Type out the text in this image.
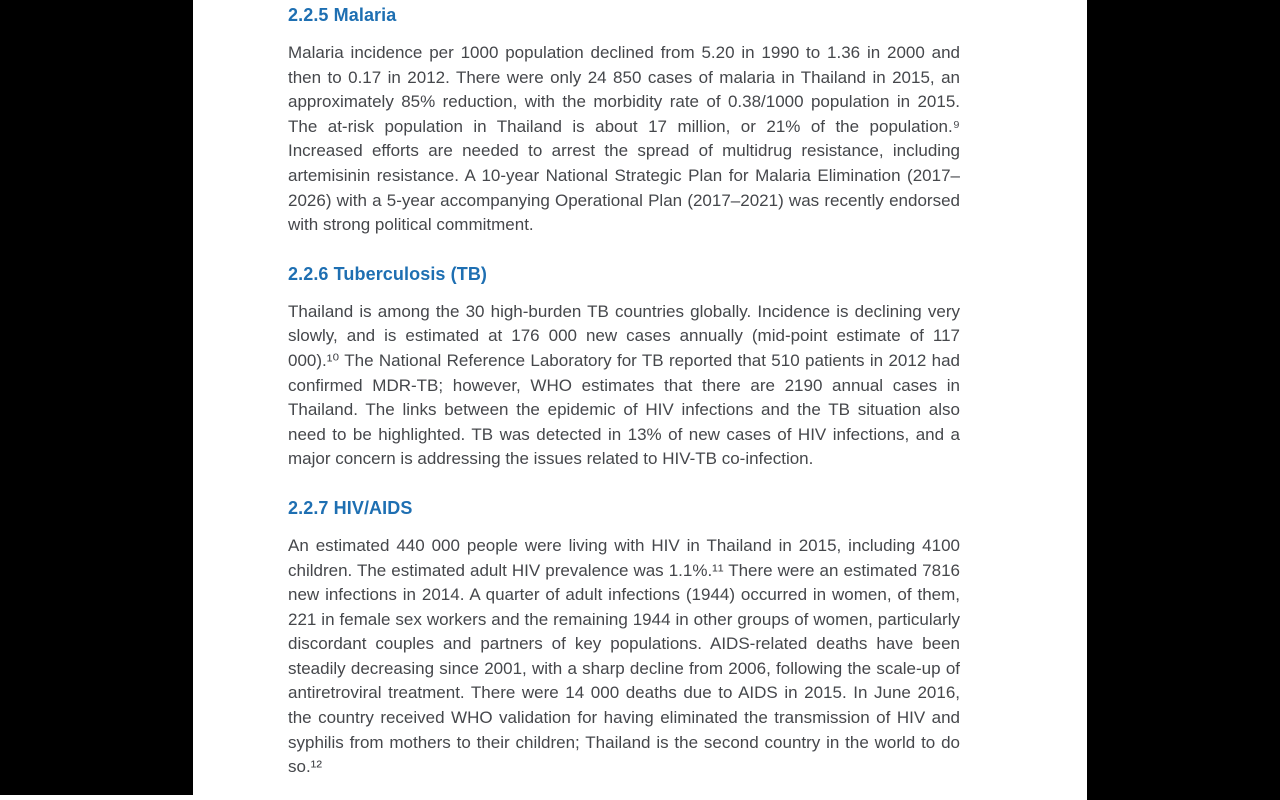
2.2.5 Malaria

Malaria incidence per 1000 population declined from 5.20 in 1990 to 1.36 in 2000 and then to 0.17 in 2012. There were only 24 850 cases of malaria in Thailand in 2015, an approximately 85% reduction, with the morbidity rate of 0.38/1000 population in 2015. The at-risk population in Thailand is about 17 million, or 21% of the population.⁹ Increased efforts are needed to arrest the spread of multidrug resistance, including artemisinin resistance. A 10-year National Strategic Plan for Malaria Elimination (2017–2026) with a 5-year accompanying Operational Plan (2017–2021) was recently endorsed with strong political commitment.

2.2.6 Tuberculosis (TB)

Thailand is among the 30 high-burden TB countries globally. Incidence is declining very slowly, and is estimated at 176 000 new cases annually (mid-point estimate of 117 000).¹⁰ The National Reference Laboratory for TB reported that 510 patients in 2012 had confirmed MDR-TB; however, WHO estimates that there are 2190 annual cases in Thailand. The links between the epidemic of HIV infections and the TB situation also need to be highlighted. TB was detected in 13% of new cases of HIV infections, and a major concern is addressing the issues related to HIV-TB co-infection.

2.2.7 HIV/AIDS

An estimated 440 000 people were living with HIV in Thailand in 2015, including 4100 children. The estimated adult HIV prevalence was 1.1%.¹¹ There were an estimated 7816 new infections in 2014. A quarter of adult infections (1944) occurred in women, of them, 221 in female sex workers and the remaining 1944 in other groups of women, particularly discordant couples and partners of key populations. AIDS-related deaths have been steadily decreasing since 2001, with a sharp decline from 2006, following the scale-up of antiretroviral treatment. There were 14 000 deaths due to AIDS in 2015. In June 2016, the country received WHO validation for having eliminated the transmission of HIV and syphilis from mothers to their children; Thailand is the second country in the world to do so.¹²
